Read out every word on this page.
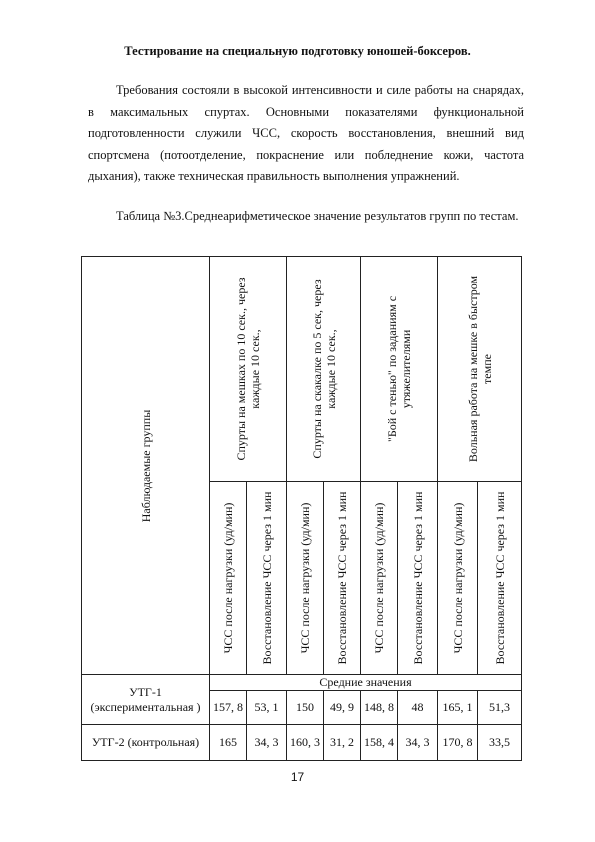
Тестирование на специальную подготовку юношей-боксеров.
Требования состояли в высокой интенсивности и силе работы на снарядах, в максимальных спуртах. Основными показателями функциональной подготовленности служили ЧСС, скорость восстановления, внешний вид спортсмена (потоотделение, покраснение или побледнение кожи, частота дыхания), также техническая правильность выполнения упражнений.
Таблица №3.Среднеарифметическое значение результатов групп по тестам.
Наблюдаемые группы	Спурты на мешках по 10 сек., через каждые 10 сек.,		Спурты на скакалке по 5 сек, через каждые 10 сек.,		"Бой с тенью" по заданиям с утяжелителями		Вольная работа на мешке в быстром темпе	

	ЧСС после нагрузки (уд/мин)	Восстановление ЧСС через 1 мин	ЧСС после нагрузки (уд/мин)	Восстановление ЧСС через 1 мин	ЧСС после нагрузки (уд/мин)	Восстановление ЧСС через 1 мин	ЧСС после нагрузки (уд/мин)	Восстановление ЧСС через 1 мин

УТГ-1 (экспериментальная )	Средние значения							
	157, 8	53, 1	150	49, 9	148, 8	48	165, 1	51,3
УТГ-2 (контрольная)	165	34, 3	160, 3	31, 2	158, 4	34, 3	170, 8	33,5
17
